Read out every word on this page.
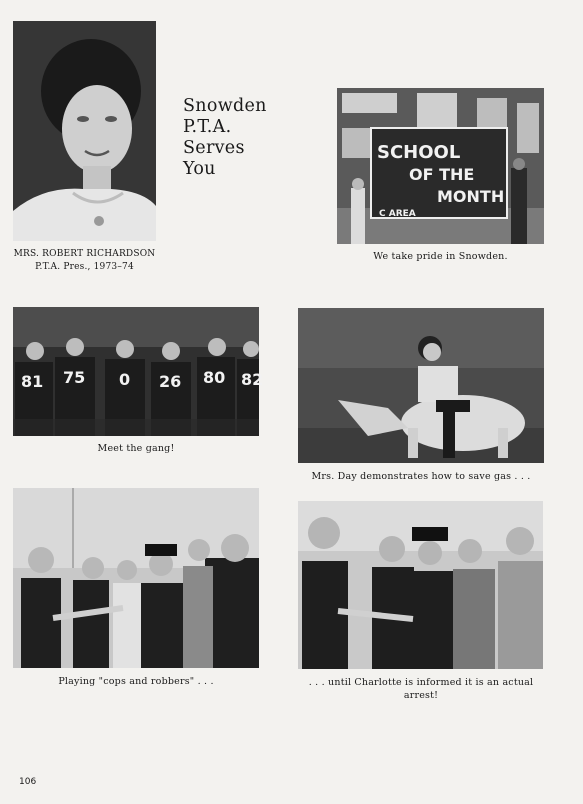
MRS. ROBERT RICHARDSON
P.T.A. Pres., 1973–74
Snowden
P.T.A.
Serves
You
SCHOOL
OF THE
MONTH
C AREA
We take pride in Snowden.
81 75 0 26 80 82
Meet the gang!
Mrs. Day demonstrates how to save gas . . .
Playing "cops and robbers" . . .	. . . until Charlotte is informed it is an actual arrest!
106
